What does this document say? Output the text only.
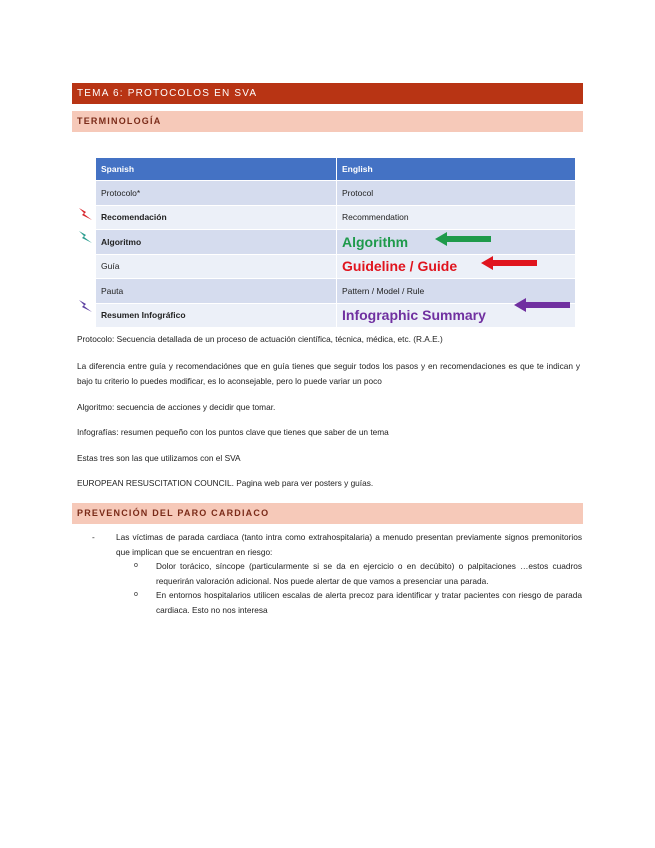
TEMA 6: PROTOCOLOS EN SVA
TERMINOLOGÍA
Spanish	English
Protocolo*	Protocol
Recomendación	Recommendation
Algoritmo	Algorithm
Guía	Guideline / Guide
Pauta	Pattern / Model / Rule
Resumen Infográfico	Infographic Summary

Protocolo: Secuencia detallada de un proceso de actuación científica, técnica, médica, etc. (R.A.E.)

La diferencia entre guía y recomendaciónes que en guía tienes que seguir todos los pasos y en recomendaciones es que te indican y bajo tu criterio lo puedes modificar, es lo aconsejable, pero lo puede variar un poco

Algoritmo: secuencia de acciones y decidir que tomar.

Infografías: resumen pequeño con los puntos clave que tienes que saber de un tema

Estas tres son las que utilizamos con el SVA

EUROPEAN RESUSCITATION COUNCIL. Pagina web para ver posters y guías.

PREVENCIÓN DEL PARO CARDIACO
-	Las víctimas de parada cardiaca (tanto intra como extrahospitalaria) a menudo presentan previamente signos premonitorios que implican que se encuentran en riesgo:
o Dolor torácico, síncope (particularmente si se da en ejercicio o en decúbito) o palpitaciones …estos cuadros requerirán valoración adicional. Nos puede alertar de que vamos a presenciar una parada.
o En entornos hospitalarios utilicen escalas de alerta precoz para identificar y tratar pacientes con riesgo de parada cardiaca. Esto no nos interesa
